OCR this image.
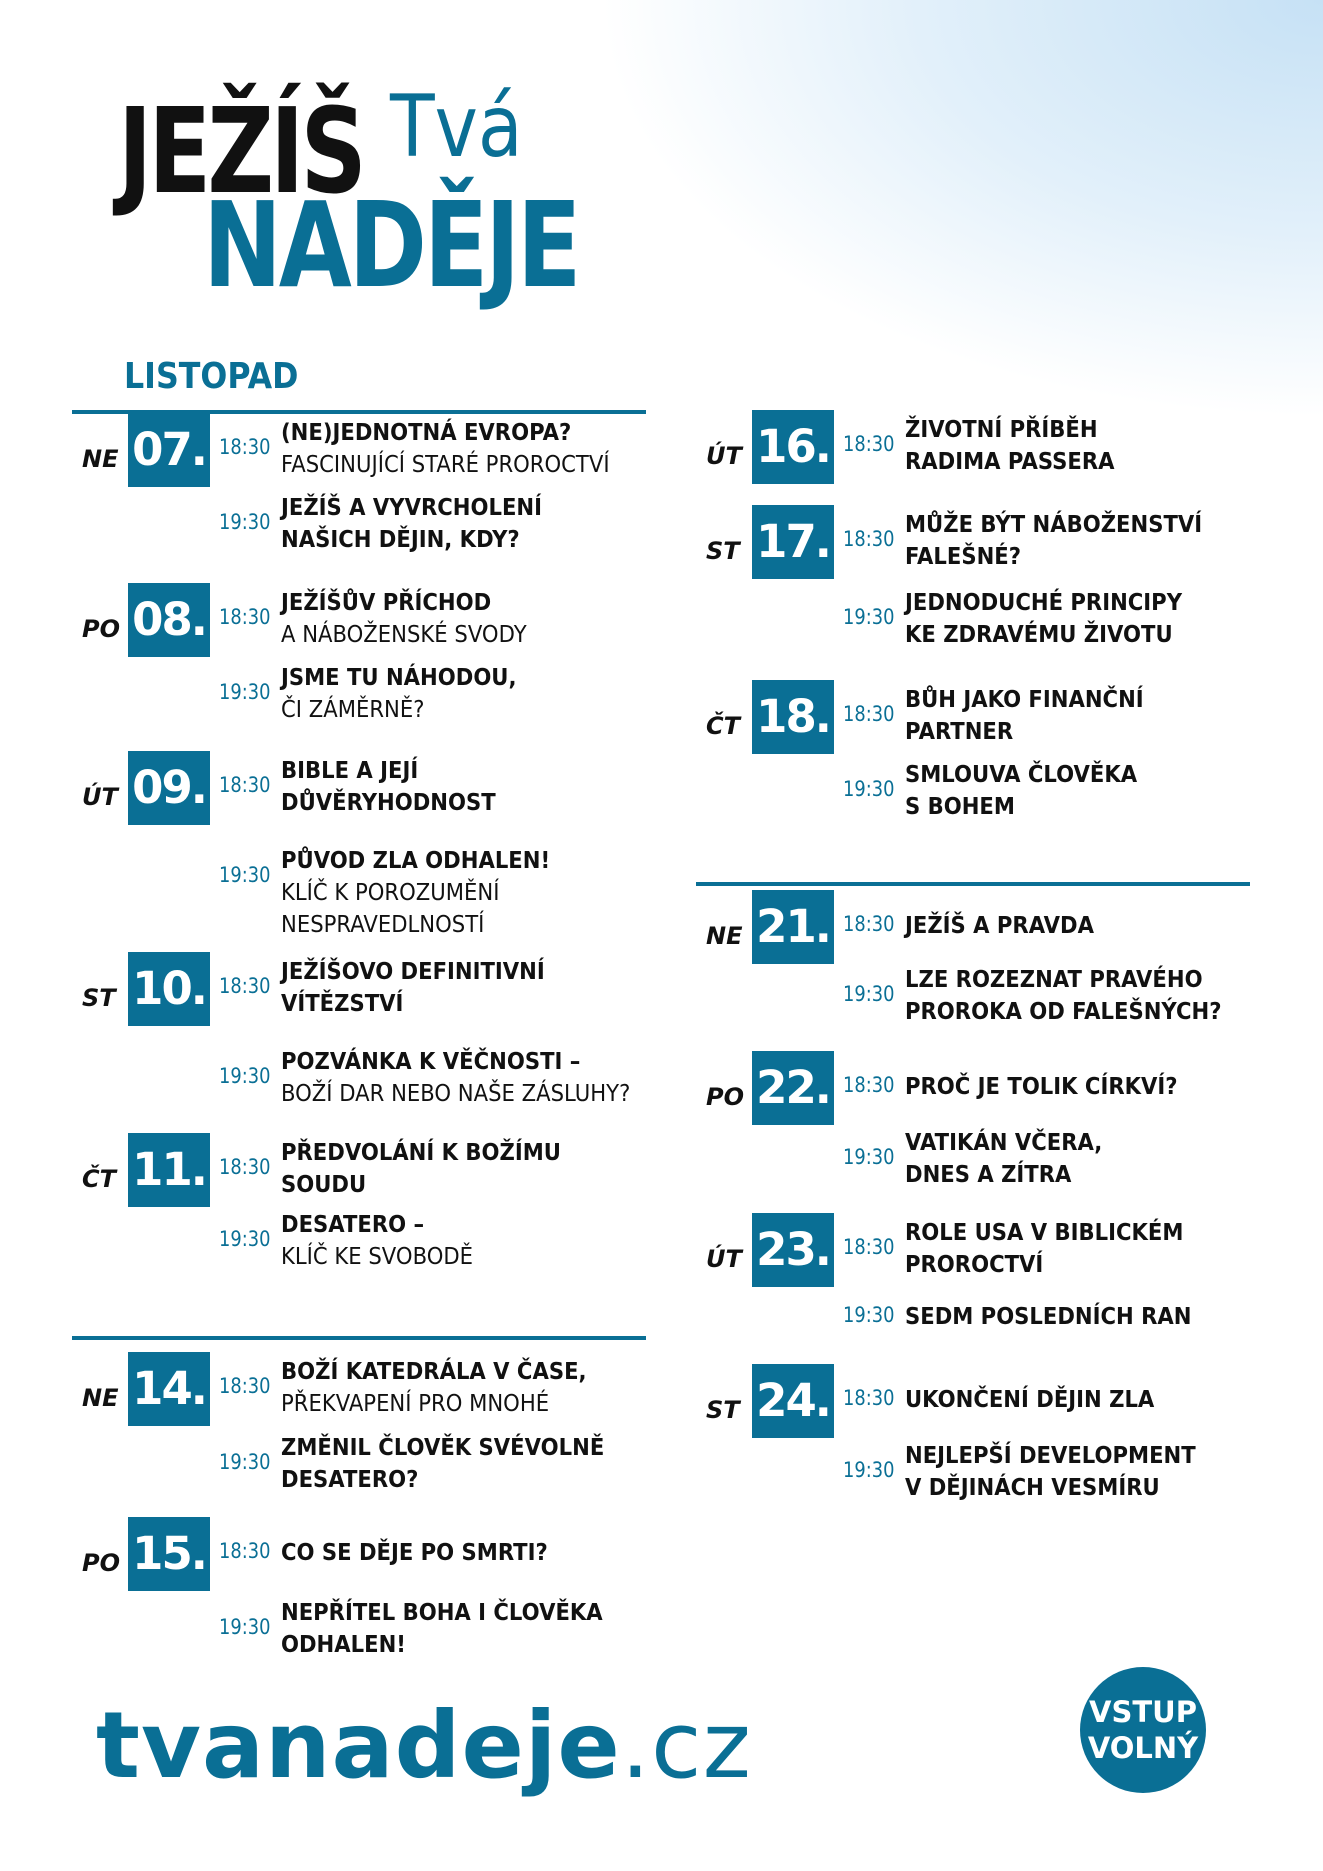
JEŽÍŠ Tvá
NADĚJE
LISTOPAD
NE 07. 18:30
(NE)JEDNOTNÁ EVROPA?
FASCINUJÍCÍ STARÉ PROROCTVÍ
19:30
JEŽÍŠ A VYVRCHOLENÍ
NAŠICH DĚJIN, KDY?
PO 08. 18:30
JEŽÍŠŮV PŘÍCHOD
A NÁBOŽENSKÉ SVODY
19:30
JSME TU NÁHODOU,
ČI ZÁMĚRNĚ?
ÚT 09. 18:30
BIBLE A JEJÍ
DŮVĚRYHODNOST
19:30
PŮVOD ZLA ODHALEN!
KLÍČ K POROZUMĚNÍ
NESPRAVEDLNOSTÍ
ST 10. 18:30
JEŽÍŠOVO DEFINITIVNÍ
VÍTĚZSTVÍ
19:30
POZVÁNKA K VĚČNOSTI –
BOŽÍ DAR NEBO NAŠE ZÁSLUHY?
ČT 11. 18:30
PŘEDVOLÁNÍ K BOŽÍMU
SOUDU
19:30
DESATERO –
KLÍČ KE SVOBODĚ
NE 14. 18:30
BOŽÍ KATEDRÁLA V ČASE,
PŘEKVAPENÍ PRO MNOHÉ
19:30
ZMĚNIL ČLOVĚK SVÉVOLNĚ
DESATERO?
PO 15. 18:30 CO SE DĚJE PO SMRTI?
19:30
NEPŘÍTEL BOHA I ČLOVĚKA
ODHALEN!
ÚT 16. 18:30
ŽIVOTNÍ PŘÍBĚH
RADIMA PASSERA
ST 17. 18:30
MŮŽE BÝT NÁBOŽENSTVÍ
FALEŠNÉ?
19:30
JEDNODUCHÉ PRINCIPY
KE ZDRAVÉMU ŽIVOTU
ČT 18. 18:30
BŮH JAKO FINANČNÍ
PARTNER
19:30
SMLOUVA ČLOVĚKA
S BOHEM
NE 21. 18:30 JEŽÍŠ A PRAVDA
19:30
LZE ROZEZNAT PRAVÉHO
PROROKA OD FALEŠNÝCH?
PO 22. 18:30 PROČ JE TOLIK CÍRKVÍ?
19:30
VATIKÁN VČERA,
DNES A ZÍTRA
ÚT 23. 18:30
ROLE USA V BIBLICKÉM
PROROCTVÍ
19:30 SEDM POSLEDNÍCH RAN
ST 24. 18:30 UKONČENÍ DĚJIN ZLA
19:30
NEJLEPŠÍ DEVELOPMENT
V DĚJINÁCH VESMÍRU
tvanadeje.cz	VSTUP
VOLNÝ
